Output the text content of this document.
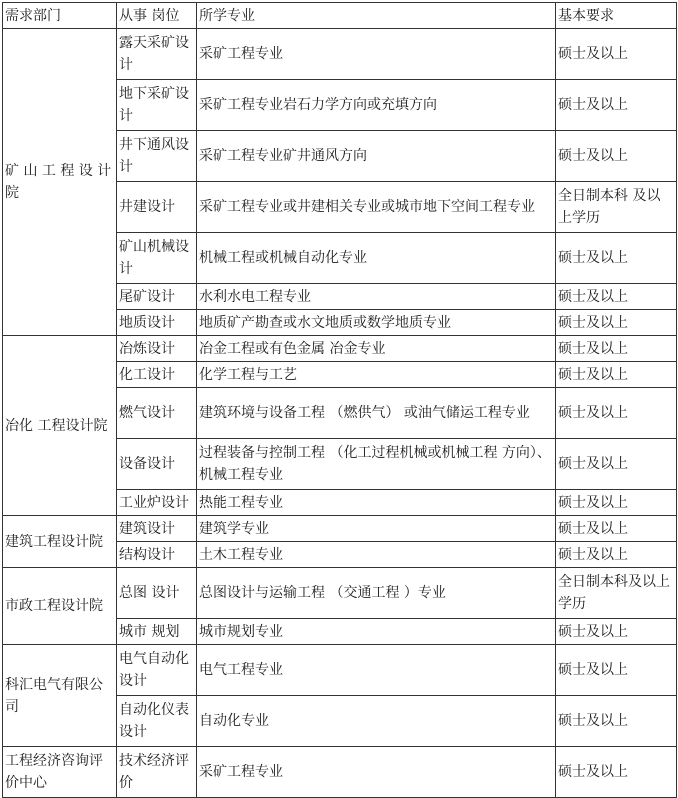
需求部门	从事 岗位	所学专业	基本要求
矿 山 工 程 设 计 院	露天采矿设计	采矿工程专业	硕士及以上
	地下采矿设计	采矿工程专业岩石力学方向或充填方向	硕士及以上
	井下通风设计	采矿工程专业矿井通风方向	硕士及以上
	井建设计	采矿工程专业或井建相关专业或城市地下空间工程专业	全日制本科 及以上学历
	矿山机械设计	机械工程或机械自动化专业	硕士及以上
	尾矿设计	水利水电工程专业	硕士及以上
	地质设计	地质矿产勘查或水文地质或数学地质专业	硕士及以上
冶化 工程设计院	冶炼设计	冶金工程或有色金属 冶金专业	硕士及以上
	化工设计	化学工程与工艺	硕士及以上
	燃气设计	建筑环境与设备工程 （燃供气） 或油气储运工程专业	硕士及以上
	设备设计	过程装备与控制工程 （化工过程机械或机械工程 方向）、机械工程专业	硕士及以上
	工业炉设计	热能工程专业	硕士及以上
建筑工程设计院	建筑设计	建筑学专业	硕士及以上
	结构设计	土木工程专业	硕士及以上
市政工程设计院	总图 设计	总图设计与运输工程 （交通工程 ）专业	全日制本科及以上学历
	城市 规划	城市规划专业	硕士及以上
科汇电气有限公司	电气自动化设计	电气工程专业	硕士及以上
	自动化仪表设计	自动化专业	硕士及以上
工程经济咨询评价中心	技术经济评价	采矿工程专业	硕士及以上
